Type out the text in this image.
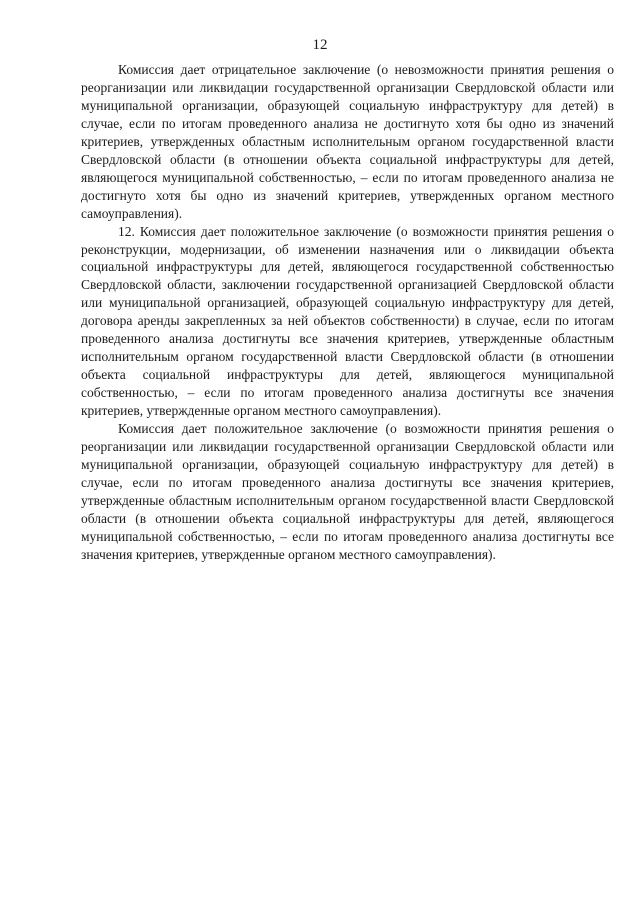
12

Комиссия дает отрицательное заключение (о невозможности принятия решения о реорганизации или ликвидации государственной организации Свердловской области или муниципальной организации, образующей социальную инфраструктуру для детей) в случае, если по итогам проведенного анализа не достигнуто хотя бы одно из значений критериев, утвержденных областным исполнительным органом государственной власти Свердловской области (в отношении объекта социальной инфраструктуры для детей, являющегося муниципальной собственностью, – если по итогам проведенного анализа не достигнуто хотя бы одно из значений критериев, утвержденных органом местного самоуправления).

12. Комиссия дает положительное заключение (о возможности принятия решения о реконструкции, модернизации, об изменении назначения или о ликвидации объекта социальной инфраструктуры для детей, являющегося государственной собственностью Свердловской области, заключении государственной организацией Свердловской области или муниципальной организацией, образующей социальную инфраструктуру для детей, договора аренды закрепленных за ней объектов собственности) в случае, если по итогам проведенного анализа достигнуты все значения критериев, утвержденные областным исполнительным органом государственной власти Свердловской области (в отношении объекта социальной инфраструктуры для детей, являющегося муниципальной собственностью, – если по итогам проведенного анализа достигнуты все значения критериев, утвержденные органом местного самоуправления).

Комиссия дает положительное заключение (о возможности принятия решения о реорганизации или ликвидации государственной организации Свердловской области или муниципальной организации, образующей социальную инфраструктуру для детей) в случае, если по итогам проведенного анализа достигнуты все значения критериев, утвержденные областным исполнительным органом государственной власти Свердловской области (в отношении объекта социальной инфраструктуры для детей, являющегося муниципальной собственностью, – если по итогам проведенного анализа достигнуты все значения критериев, утвержденные органом местного самоуправления).
